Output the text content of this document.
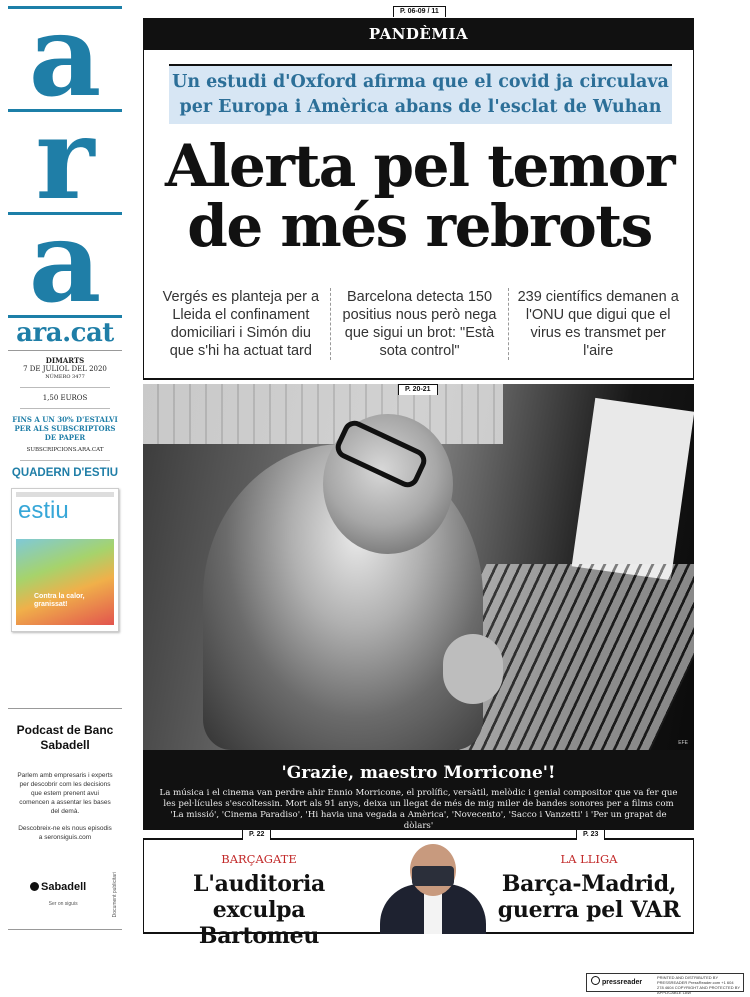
a
r
a
ara.cat
DIMARTS
7 DE JULIOL DEL 2020
NÚMERO 3477
1,50 EUROS
FINS A UN 30% D'ESTALVI PER ALS SUBSCRIPTORS DE PAPER
SUBSCRIPCIONS.ARA.CAT
QUADERN D'ESTIU
estiu
Contra la calor, granissat!
Podcast de Banc Sabadell

Parlem amb empresaris i experts per descobrir com les decisions que estem prenent avui comencen a assentar les bases del demà.

Descobreix-ne els nous episodis a seronsiguis.com

Sabadell
Ser on siguis	Document publicitari
P. 06-09 / 11
PANDÈMIA
Un estudi d'Oxford afirma que el covid ja circulava per Europa i Amèrica abans de l'esclat de Wuhan
Alerta pel temor
de més rebrots
Vergés es planteja per a Lleida el confinament domiciliari i Simón diu que s'hi ha actuat tard
Barcelona detecta 150 positius nous però nega que sigui un brot: "Està sota control"
239 científics demanen a l'ONU que digui que el virus es transmet per l'aire
EFE
P. 20-21
'Grazie, maestro Morricone'!

La música i el cinema van perdre ahir Ennio Morricone, el prolífic, versàtil, melòdic i genial compositor que va fer que les pel·lícules s'escoltessin. Mort als 91 anys, deixa un llegat de més de mig miler de bandes sonores per a films com 'La missió', 'Cinema Paradiso', 'Hi havia una vegada a Amèrica', 'Novecento', 'Sacco i Vanzetti' i 'Per un grapat de dòlars'

P. 22	P. 23
BARÇAGATE
L'auditoria exculpa Bartomeu
LA LLIGA
Barça-Madrid, guerra pel VAR
pressreader
PRINTED AND DISTRIBUTED BY PRESSREADER PressReader.com +1 604 278 4604 COPYRIGHT AND PROTECTED BY APPLICABLE LAW
